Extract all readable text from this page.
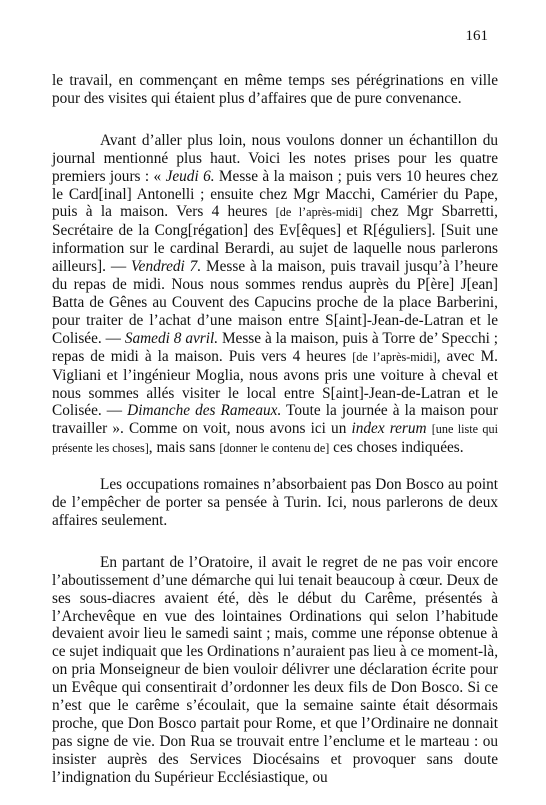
161

le travail, en commençant en même temps ses pérégrinations en ville pour des visites qui étaient plus d’affaires que de pure convenance.

Avant d’aller plus loin, nous voulons donner un échantillon du journal mentionné plus haut. Voici les notes prises pour les quatre premiers jours : « Jeudi 6. Messe à la maison ; puis vers 10 heures chez le Card[inal] Antonelli ; ensuite chez Mgr Macchi, Camérier du Pape, puis à la maison. Vers 4 heures [de l’après-midi] chez Mgr Sbarretti, Secrétaire de la Cong[régation] des Ev[êques] et R[éguliers]. [Suit une information sur le cardinal Berardi, au sujet de laquelle nous parlerons ailleurs]. — Vendredi 7. Messe à la maison, puis travail jusqu’à l’heure du repas de midi. Nous nous sommes rendus auprès du P[ère] J[ean] Batta de Gênes au Couvent des Capucins proche de la place Barberini, pour traiter de l’achat d’une maison entre S[aint]-Jean-de-Latran et le Colisée. — Samedi 8 avril. Messe à la maison, puis à Torre de’ Specchi ; repas de midi à la maison. Puis vers 4 heures [de l’après-midi], avec M. Vigliani et l’ingénieur Moglia, nous avons pris une voiture à cheval et nous sommes allés visiter le local entre S[aint]-Jean-de-Latran et le Colisée. — Dimanche des Rameaux. Toute la journée à la maison pour travailler ». Comme on voit, nous avons ici un index rerum [une liste qui présente les choses], mais sans [donner le contenu de] ces choses indiquées.

Les occupations romaines n’absorbaient pas Don Bosco au point de l’empêcher de porter sa pensée à Turin. Ici, nous parlerons de deux affaires seulement.

En partant de l’Oratoire, il avait le regret de ne pas voir encore l’aboutissement d’une démarche qui lui tenait beaucoup à cœur. Deux de ses sous-diacres avaient été, dès le début du Carême, présentés à l’Archevêque en vue des lointaines Ordinations qui selon l’habitude devaient avoir lieu le samedi saint ; mais, comme une réponse obtenue à ce sujet indiquait que les Ordinations n’auraient pas lieu à ce moment-là, on pria Monseigneur de bien vouloir délivrer une déclaration écrite pour un Evêque qui consentirait d’ordonner les deux fils de Don Bosco. Si ce n’est que le carême s’écoulait, que la semaine sainte était désormais proche, que Don Bosco partait pour Rome, et que l’Ordinaire ne donnait pas signe de vie. Don Rua se trouvait entre l’enclume et le marteau : ou insister auprès des Services Diocésains et provoquer sans doute l’indignation du Supérieur Ecclésiastique, ou
